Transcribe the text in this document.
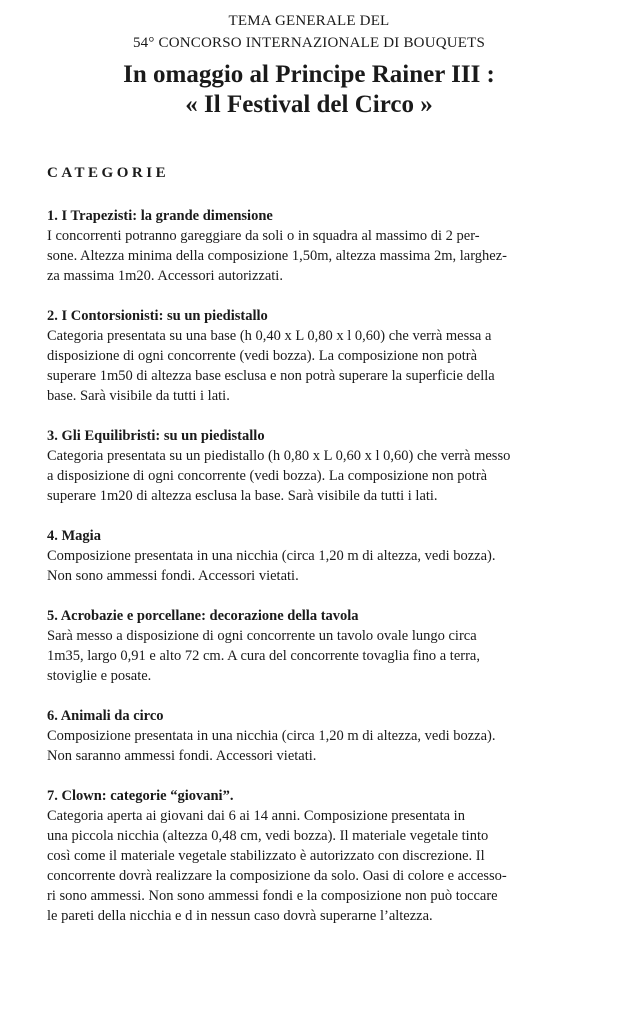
TEMA GENERALE DEL
54° CONCORSO INTERNAZIONALE DI BOUQUETS
In omaggio al Principe Rainer III :
« Il Festival del Circo »
CATEGORIE
1. I Trapezisti: la grande dimensione
I concorrenti potranno gareggiare da soli o in squadra al massimo di 2 per-
sone. Altezza minima della composizione 1,50m, altezza massima 2m, larghez-
za massima 1m20. Accessori autorizzati.
2. I Contorsionisti: su un piedistallo
Categoria presentata su una base (h 0,40 x L 0,80 x l 0,60) che verrà messa a
disposizione di ogni concorrente (vedi bozza). La composizione non potrà
superare 1m50 di altezza base esclusa e non potrà superare la superficie della
base. Sarà visibile da tutti i lati.
3. Gli Equilibristi: su un piedistallo
Categoria presentata su un piedistallo (h 0,80 x L 0,60 x l 0,60) che verrà messo
a disposizione di ogni concorrente (vedi bozza). La composizione non potrà
superare 1m20 di altezza esclusa la base. Sarà visibile da tutti i lati.
4. Magia
Composizione presentata in una nicchia (circa 1,20 m di altezza, vedi bozza).
Non sono ammessi fondi. Accessori vietati.
5. Acrobazie e porcellane: decorazione della tavola
Sarà messo a disposizione di ogni concorrente un tavolo ovale lungo circa
1m35, largo 0,91 e alto 72 cm. A cura del concorrente tovaglia fino a terra,
stoviglie e posate.
6. Animali da circo
Composizione presentata in una nicchia (circa 1,20 m di altezza, vedi bozza).
Non saranno ammessi fondi. Accessori vietati.
7. Clown: categorie “giovani”.
Categoria aperta ai giovani dai 6 ai 14 anni. Composizione presentata in
una piccola nicchia (altezza 0,48 cm, vedi bozza). Il materiale vegetale tinto
così come il materiale vegetale stabilizzato è autorizzato con discrezione. Il
concorrente dovrà realizzare la composizione da solo. Oasi di colore e accesso-
ri sono ammessi. Non sono ammessi fondi e la composizione non può toccare
le pareti della nicchia e d in nessun caso dovrà superarne l’altezza.
